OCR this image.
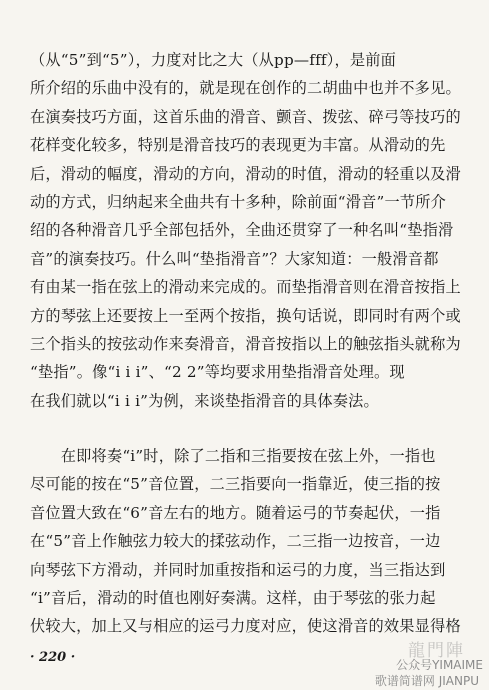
（从“5”到“5”），力度对比之大（从pp—fff），是前面
所介绍的乐曲中没有的，就是现在创作的二胡曲中也并不多见。
在演奏技巧方面，这首乐曲的滑音、颤音、拨弦、碎弓等技巧的
花样变化较多，特别是滑音技巧的表现更为丰富。从滑动的先
后，滑动的幅度，滑动的方向，滑动的时值，滑动的轻重以及滑
动的方式，归纳起来全曲共有十多种，除前面“滑音”一节所介
绍的各种滑音几乎全部包括外，全曲还贯穿了一种名叫“垫指滑
音”的演奏技巧。什么叫“垫指滑音”？大家知道：一般滑音都
有由某一指在弦上的滑动来完成的。而垫指滑音则在滑音按指上
方的琴弦上还要按上一至两个按指，换句话说，即同时有两个或
三个指头的按弦动作来奏滑音，滑音按指以上的触弦指头就称为
“垫指”。像“i i i”、“2 2”等均要求用垫指滑音处理。现
在我们就以“i i i”为例，来谈垫指滑音的具体奏法。
　　在即将奏“i”时，除了二指和三指要按在弦上外，一指也
尽可能的按在“5”音位置，二三指要向一指靠近，使三指的按
音位置大致在“6”音左右的地方。随着运弓的节奏起伏，一指
在“5”音上作触弦力较大的揉弦动作，二三指一边按音，一边
向琴弦下方滑动，并同时加重按指和运弓的力度，当三指达到
“i”音后，滑动的时值也刚好奏满。这样，由于琴弦的张力起
伏较大，加上又与相应的运弓力度对应，使这滑音的效果显得格
· 220 ·	龍門陣
公众号YIMAIME
歌谱简谱网 JIANPU
